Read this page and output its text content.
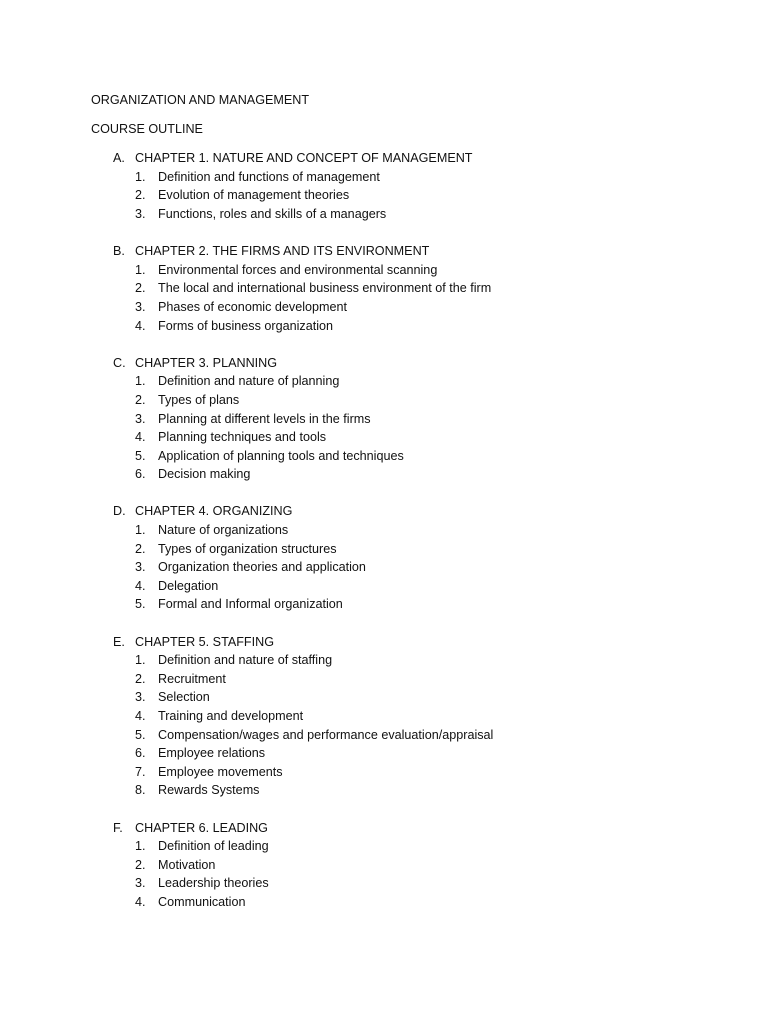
ORGANIZATION AND MANAGEMENT
COURSE OUTLINE
A. CHAPTER 1. NATURE AND CONCEPT OF MANAGEMENT
1. Definition and functions of management
2. Evolution of management theories
3. Functions, roles and skills of a managers
B. CHAPTER 2. THE FIRMS AND ITS ENVIRONMENT
1. Environmental forces and environmental scanning
2. The local and international business environment of the firm
3. Phases of economic development
4. Forms of business organization
C. CHAPTER 3. PLANNING
1. Definition and nature of planning
2. Types of plans
3. Planning at different levels in the firms
4. Planning techniques and tools
5. Application of planning tools and techniques
6. Decision making
D. CHAPTER 4. ORGANIZING
1. Nature of organizations
2. Types of organization structures
3. Organization theories and application
4. Delegation
5. Formal and Informal organization
E. CHAPTER 5. STAFFING
1. Definition and nature of staffing
2. Recruitment
3. Selection
4. Training and development
5. Compensation/wages and performance evaluation/appraisal
6. Employee relations
7. Employee movements
8. Rewards Systems
F. CHAPTER 6. LEADING
1. Definition of leading
2. Motivation
3. Leadership theories
4. Communication
